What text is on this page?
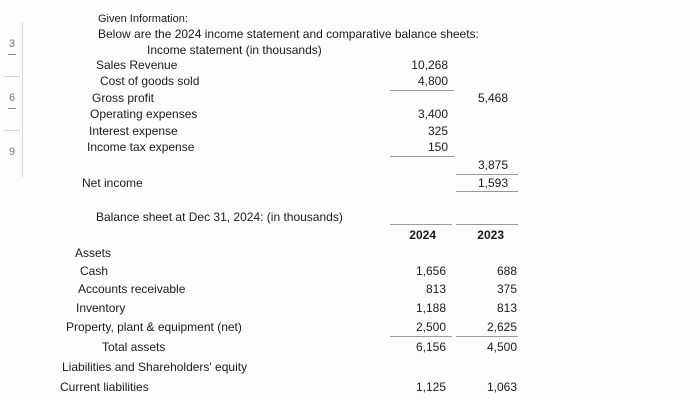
3
6
9
Given Information:
Below are the 2024 income statement and comparative balance sheets:
Income statement (in thousands)
Sales Revenue	10,268
Cost of goods sold	4,800
Gross profit	5,468
Operating expenses	3,400
Interest expense	325
Income tax expense	150
3,875
Net income	1,593
Balance sheet at Dec 31, 2024: (in thousands)
2024	2023
Assets
Cash	1,656	688
Accounts receivable	813	375
Inventory	1,188	813
Property, plant & equipment (net)	2,500	2,625
Total assets	6,156	4,500
Liabilities and Shareholders' equity
Current liabilities	1,125	1,063
